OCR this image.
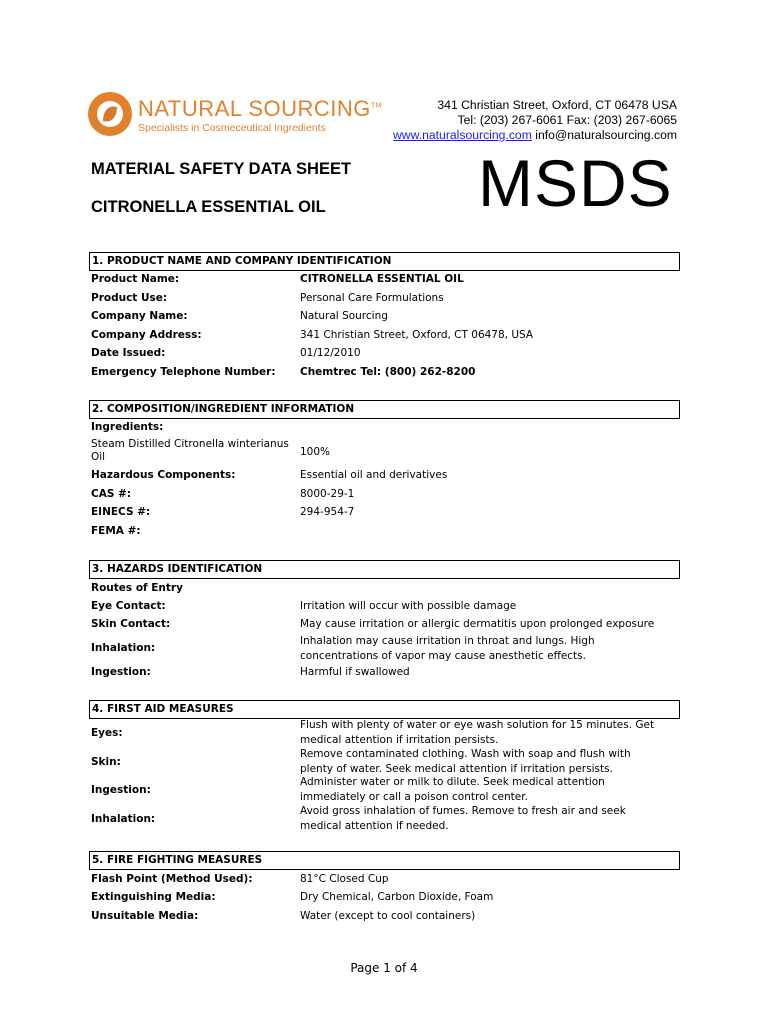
NATURAL SOURCING™
Specialists in Cosmeceutical Ingredients
341 Christian Street, Oxford, CT 06478 USA
Tel: (203) 267-6061 Fax: (203) 267-6065
www.naturalsourcing.com info@naturalsourcing.com
MATERIAL SAFETY DATA SHEET
CITRONELLA ESSENTIAL OIL MSDS
1. PRODUCT NAME AND COMPANY IDENTIFICATION
Product Name:	CITRONELLA ESSENTIAL OIL
Product Use:	Personal Care Formulations
Company Name:	Natural Sourcing
Company Address:	341 Christian Street, Oxford, CT 06478, USA
Date Issued:	01/12/2010
Emergency Telephone Number: Chemtrec Tel: (800) 262-8200
2. COMPOSITION/INGREDIENT INFORMATION
Ingredients:
Steam Distilled Citronella winterianus Oil	100%
Hazardous Components:	Essential oil and derivatives
CAS #:	8000-29-1
EINECS #:	294-954-7
FEMA #:
3. HAZARDS IDENTIFICATION
Routes of Entry
Eye Contact:	Irritation will occur with possible damage
Skin Contact:	May cause irritation or allergic dermatitis upon prolonged exposure
Inhalation:
Inhalation may cause irritation in throat and lungs. High concentrations of vapor may cause anesthetic effects.
Ingestion:	Harmful if swallowed
4. FIRST AID MEASURES
Eyes:
Flush with plenty of water or eye wash solution for 15 minutes. Get medical attention if irritation persists.
Skin:
Remove contaminated clothing. Wash with soap and flush with plenty of water. Seek medical attention if irritation persists.
Ingestion:
Administer water or milk to dilute. Seek medical attention immediately or call a poison control center.
Inhalation:
Avoid gross inhalation of fumes. Remove to fresh air and seek medical attention if needed.
5. FIRE FIGHTING MEASURES
Flash Point (Method Used):	81°C Closed Cup
Extinguishing Media:	Dry Chemical, Carbon Dioxide, Foam
Unsuitable Media:	Water (except to cool containers)
Page 1 of 4
